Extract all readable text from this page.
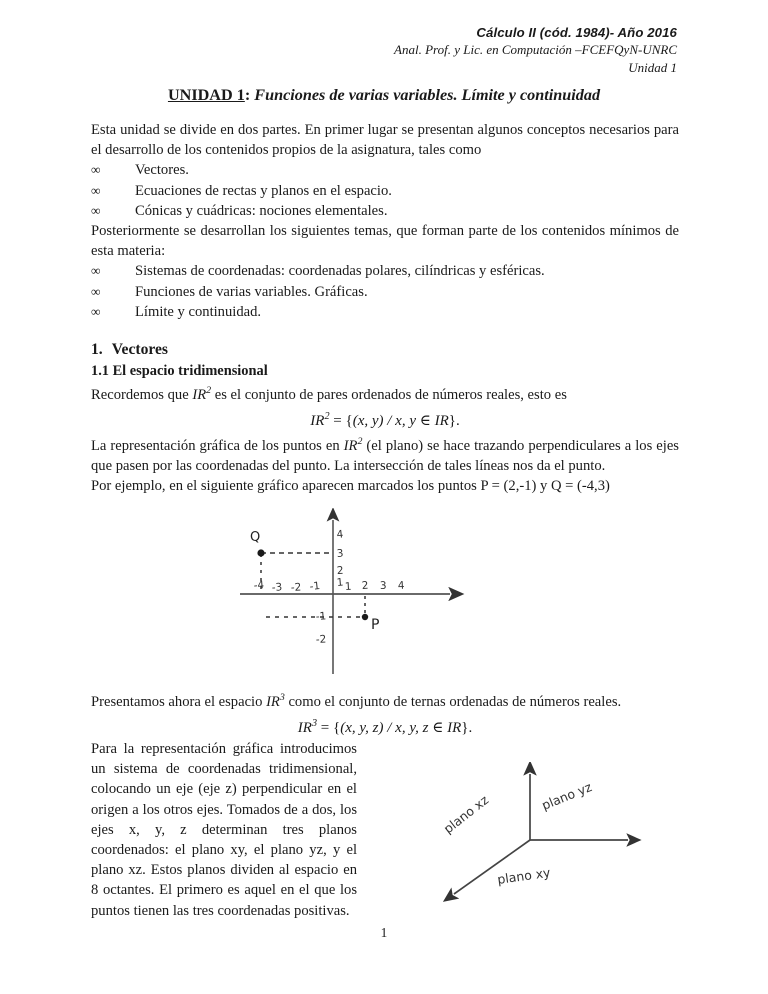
Cálculo II (cód. 1984)- Año 2016
Anal. Prof. y Lic. en Computación –FCEFQyN-UNRC
Unidad 1
UNIDAD 1: Funciones de varias variables. Límite y continuidad

Esta unidad se divide en dos partes. En primer lugar se presentan algunos conceptos necesarios para el desarrollo de los contenidos propios de la asignatura, tales como

∞	Vectores.
∞	Ecuaciones de rectas y planos en el espacio.
∞	Cónicas y cuádricas: nociones elementales.

Posteriormente se desarrollan los siguientes temas, que forman parte de los contenidos mínimos de esta materia:

∞	Sistemas de coordenadas: coordenadas polares, cilíndricas y esféricas.
∞	Funciones de varias variables. Gráficas.
∞	Límite y continuidad.
1. Vectores
1.1 El espacio tridimensional

Recordemos que $IR^2$ es el conjunto de pares ordenados de números reales, esto es

$IR^2 = \{(x$, y) / x, y ∈ IR}.

La representación gráfica de los puntos en $IR^2$ (el plano) se hace trazando perpendiculares a los ejes que pasen por las coordenadas del punto. La intersección de tales líneas nos da el punto.

Por ejemplo, en el siguiente gráfico aparecen marcados los puntos P = (2,-1) y Q = (-4,3)

Q
P
-4 -3 -2 -1 1 2 3 4
4
3
2
1
-1
-2

Presentamos ahora el espacio $IR^3$ como el conjunto de ternas ordenadas de números reales.

$IR^3 = \{(x$, y, z) / x, y, z ∈ IR}.

Para la representación gráfica introducimos un sistema de coordenadas tridimensional, colocando un eje (eje z) perpendicular en el origen a los otros ejes. Tomados de a dos, los ejes x, y, z determinan tres planos coordenados: el plano xy, el plano yz, y el plano xz. Estos planos dividen al espacio en 8 octantes. El primero es aquel en el que los puntos tienen las tres coordenadas positivas.

plano xz	plano yz
plano xy
1
